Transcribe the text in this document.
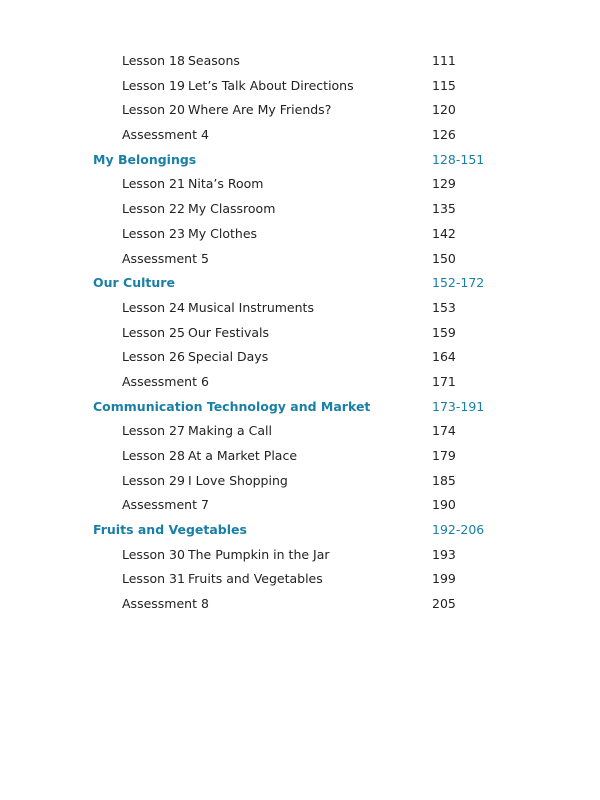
Lesson 18 Seasons	111
Lesson 19 Let’s Talk About Directions	115
Lesson 20 Where Are My Friends?	120
Assessment 4	126
My Belongings	128-151
Lesson 21 Nita’s Room	129
Lesson 22 My Classroom	135
Lesson 23 My Clothes	142
Assessment 5	150
Our Culture	152-172
Lesson 24 Musical Instruments	153
Lesson 25 Our Festivals	159
Lesson 26 Special Days	164
Assessment 6	171
Communication Technology and Market	173-191
Lesson 27 Making a Call	174
Lesson 28 At a Market Place	179
Lesson 29 I Love Shopping	185
Assessment 7	190
Fruits and Vegetables	192-206
Lesson 30 The Pumpkin in the Jar	193
Lesson 31 Fruits and Vegetables	199
Assessment 8	205
